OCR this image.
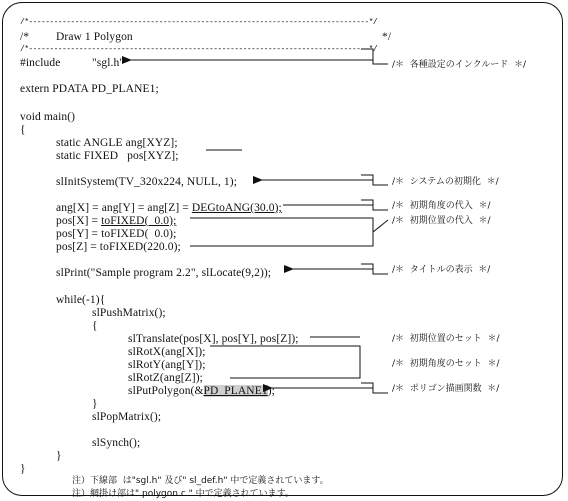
/*---------------------------------------------------------------------------------*/
/* Draw 1 Polygon	*/
/*---------------------------------------------------------------------------------*/
#include	"sgl.h"
extern PDATA PD_PLANE1;
void main()
{
static ANGLE ang[XYZ];
static FIXED   pos[XYZ];
slInitSystem(TV_320x224, NULL, 1);
ang[X] = ang[Y] = ang[Z] = DEGtoANG(30.0);
pos[X] = toFIXED(  0.0);
pos[Y] = toFIXED(  0.0);
pos[Z] = toFIXED(220.0);
slPrint("Sample program 2.2", slLocate(9,2));
while(-1){
slPushMatrix();
{
slTranslate(pos[X], pos[Y], pos[Z]);
slRotX(ang[X]);
slRotY(ang[Y]);
slRotZ(ang[Z]);
slPutPolygon(&PD_PLANE1);
}
slPopMatrix();
slSynch();
}
}
/＊  各種設定のインクルード  ＊/
/＊  システムの初期化  ＊/
/＊  初期角度の代入  ＊/
/＊  初期位置の代入  ＊/
/＊  タイトルの表示  ＊/
/＊  初期位置のセット  ＊/
/＊  初期角度のセット  ＊/
/＊  ポリゴン描画関数  ＊/
注）下線部  は"sgl.h" 及び" sl_def.h" 中で定義されています。
注）網掛け部は" polygon.c " 中で定義されています。
